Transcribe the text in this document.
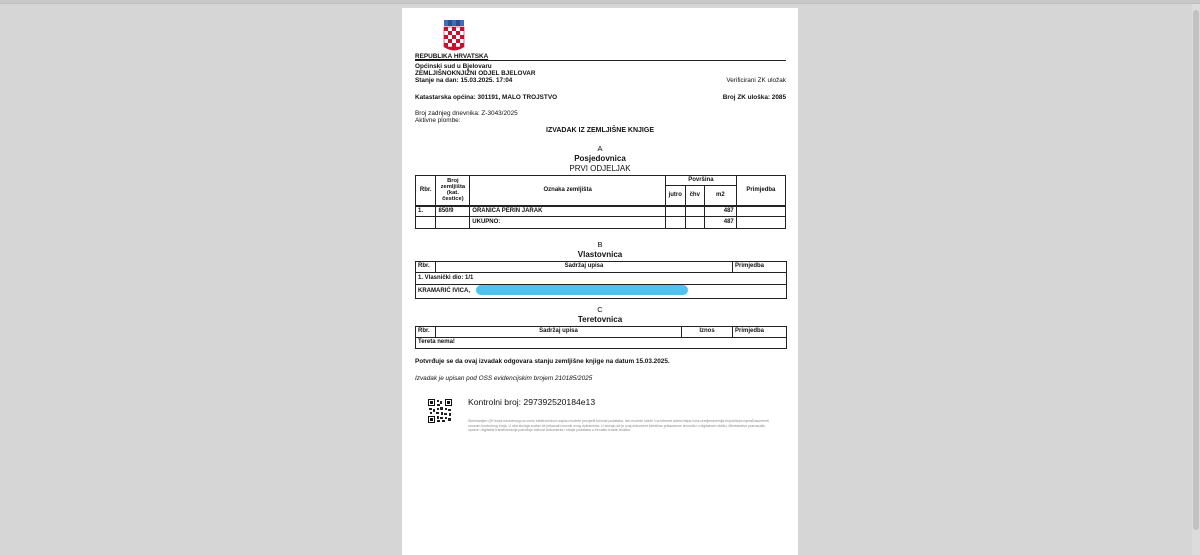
REPUBLIKA HRVATSKA
Općinski sud u Bjelovaru
ZEMLJIŠNOKNJIŽNI ODJEL BJELOVAR
Stanje na dan: 15.03.2025. 17:04	Verificirani ZK uložak
Katastarska općina: 301191, MALO TROJSTVO	Broj ZK uloška: 2085
Broj zadnjeg dnevnika: Z-3043/2025
Aktivne plombe:
IZVADAK IZ ZEMLJIŠNE KNJIGE
A
Posjedovnica
PRVI ODJELJAK
Rbr.	Broj zemljišta (kat. čestice)	Oznaka zemljišta	Površina			Primjedba
			jutro	čhv	m2	
1.	850/9	ORANICA PERIN JARAK			487	
		UKUPNO:			487	
B
Vlastovnica
Rbr.	Sadržaj upisa	Primjedba
1. Vlasnički dio: 1/1
KRAMARIĆ IVICA,
C
Teretovnica
Rbr.	Sadržaj upisa	Iznos	Primjedba
Tereta nema!
Potvrđuje se da ovaj izvadak odgovara stanju zemljišne knjige na datum 15.03.2025.
Izvadak je upisan pod OSS evidencijskim brojem 210185/2025
Kontrolni broj: 297392520184e13
Skeniranjem QR koda navedenog na ovom elektroničkom zapisu možete provjeriti točnost podataka. Isto možete učiniti i na internet adresi https://oss.uredjenazemlja.hr/public/provjeraDokumenti unosom kontrolnog broja. U oba slučaja sustav će prikazati izvornik ovog dokumenta. U slučaju da je ovaj dokument identičan prikazanom izvorniku u digitalnom obliku, Ministarstvo pravosuđa, uprave i digitalne transformacije potvrđuje točnost dokumenta i stanje podataka u trenutku izrade izvatka.
